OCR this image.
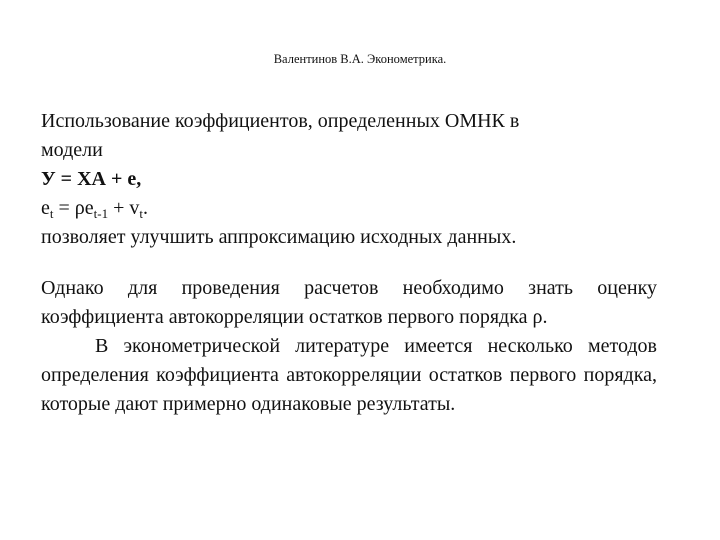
Валентинов В.А. Эконометрика.
Использование коэффициентов, определенных ОМНК в
модели
У = ХА + е,
$e_t = \rho e_{t-1} + v_t$.
позволяет улучшить аппроксимацию исходных данных.
Однако для проведения расчетов необходимо знать оценку коэффициента автокорреляции остатков первого порядка ρ.
В эконометрической литературе имеется несколько методов определения коэффициента автокорреляции остатков первого порядка, которые дают примерно одинаковые результаты.
